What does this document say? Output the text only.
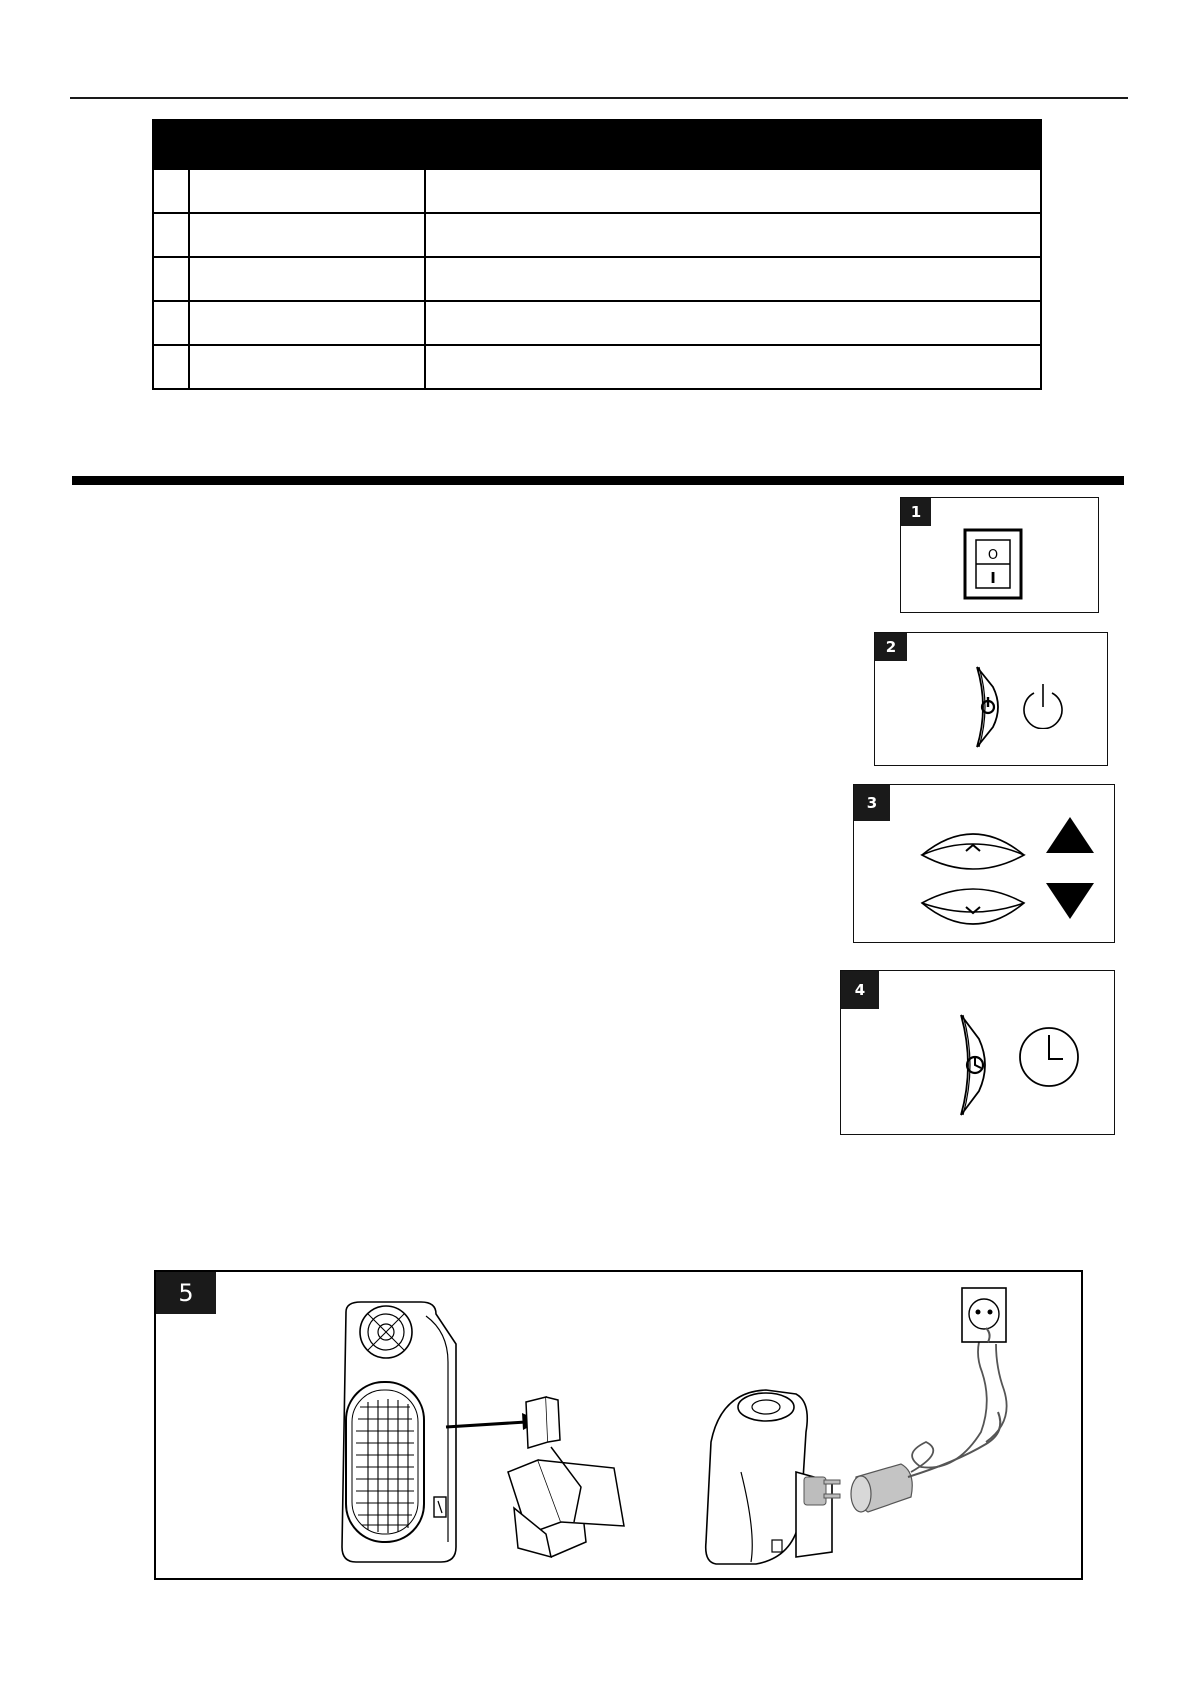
1
O
I
2
3
4
5
